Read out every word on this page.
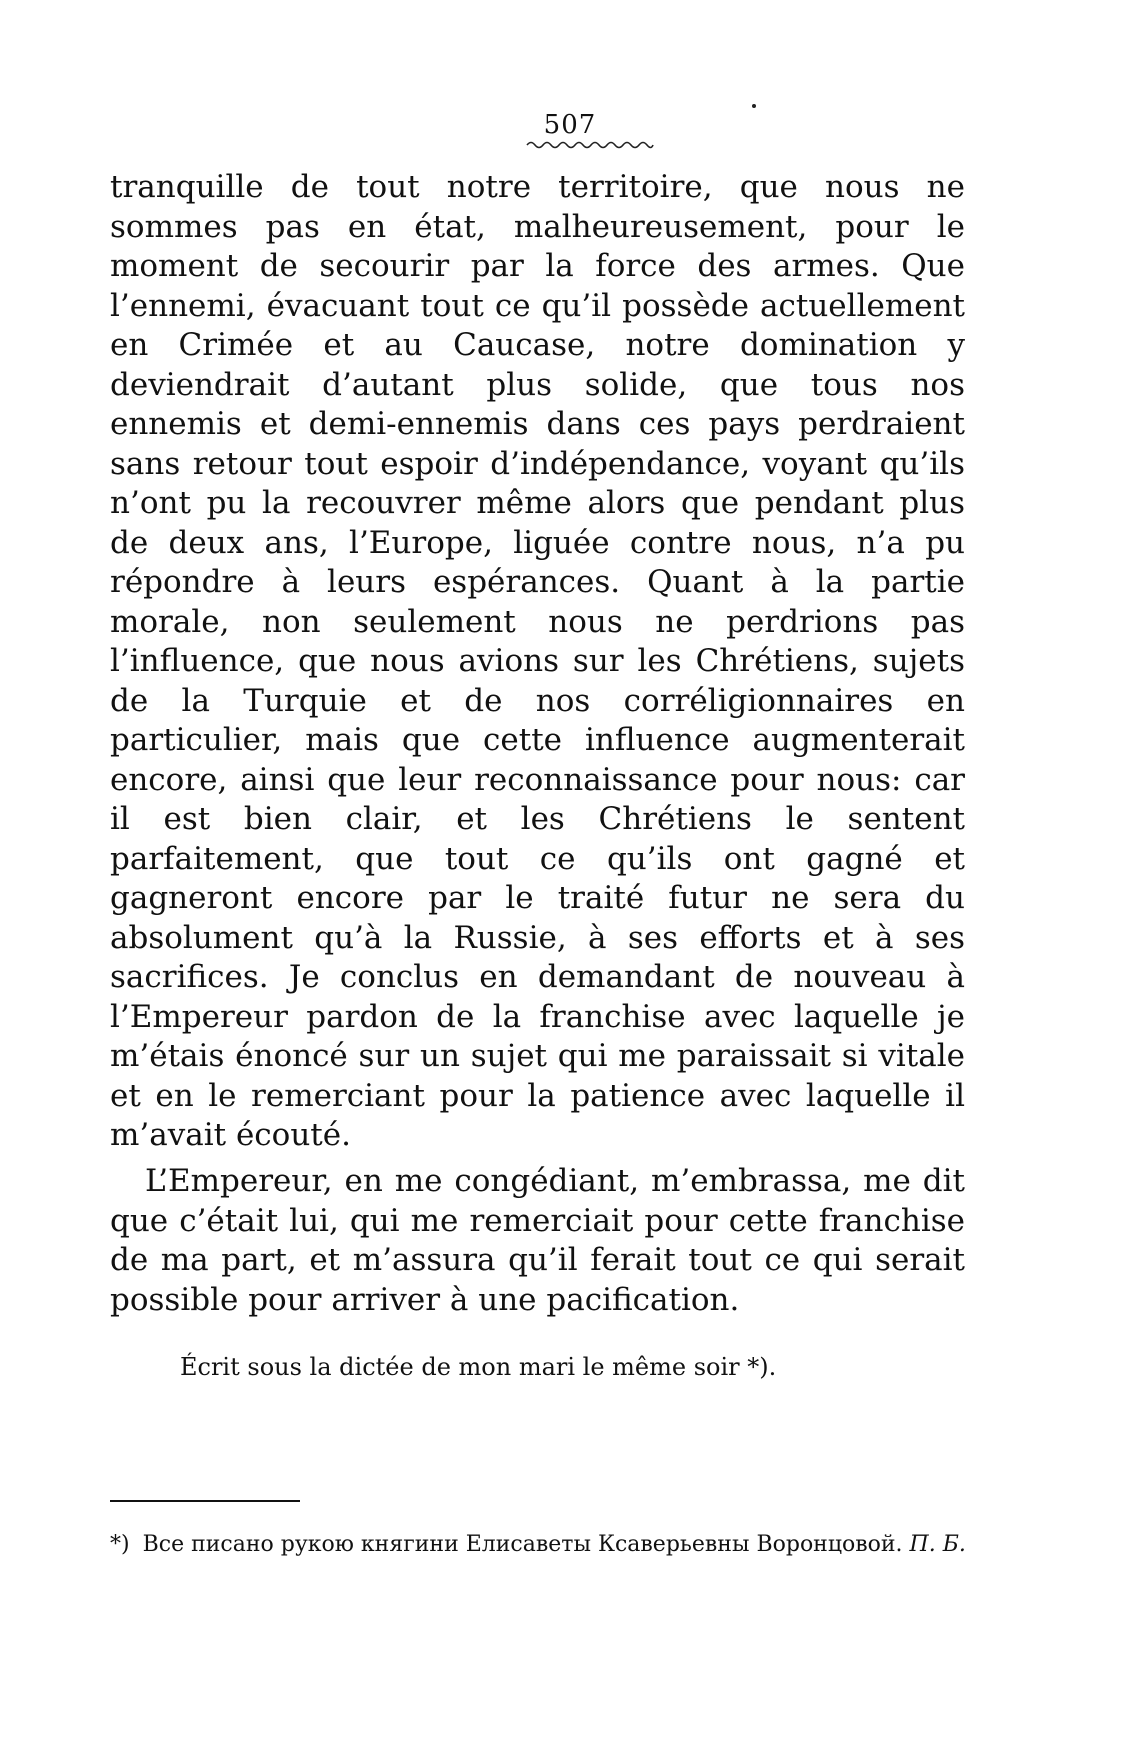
507
tranquille de tout notre territoire, que nous ne sommes pas en état, malheureusement, pour le moment de secourir par la force des armes. Que l’ennemi, évacuant tout ce qu’il possède actuellement en Crimée et au Caucase, notre domination y deviendrait d’autant plus solide, que tous nos ennemis et demi-ennemis dans ces pays perdraient sans retour tout espoir d’indépendance, voyant qu’ils n’ont pu la recouvrer même alors que pendant plus de deux ans, l’Europe, liguée contre nous, n’a pu répondre à leurs espérances. Quant à la partie morale, non seulement nous ne perdrions pas l’influence, que nous avions sur les Chrétiens, sujets de la Turquie et de nos corréligionnaires en particulier, mais que cette influence augmenterait encore, ainsi que leur reconnaissance pour nous: car il est bien clair, et les Chrétiens le sentent parfaitement, que tout ce qu’ils ont gagné et gagneront encore par le traité futur ne sera du absolument qu’à la Russie, à ses efforts et à ses sacrifices. Je conclus en demandant de nouveau à l’Empereur pardon de la franchise avec laquelle je m’étais énoncé sur un sujet qui me paraissait si vitale et en le remerciant pour la patience avec laquelle il m’avait écouté.
L’Empereur, en me congédiant, m’embrassa, me dit que c’était lui, qui me remerciait pour cette franchise de ma part, et m’assura qu’il ferait tout ce qui serait possible pour arriver à une pacification.
Écrit sous la dictée de mon mari le même soir *).
*) Все писано рукою княгини Елисаветы Ксаверьевны Воронцовой. П. Б.
